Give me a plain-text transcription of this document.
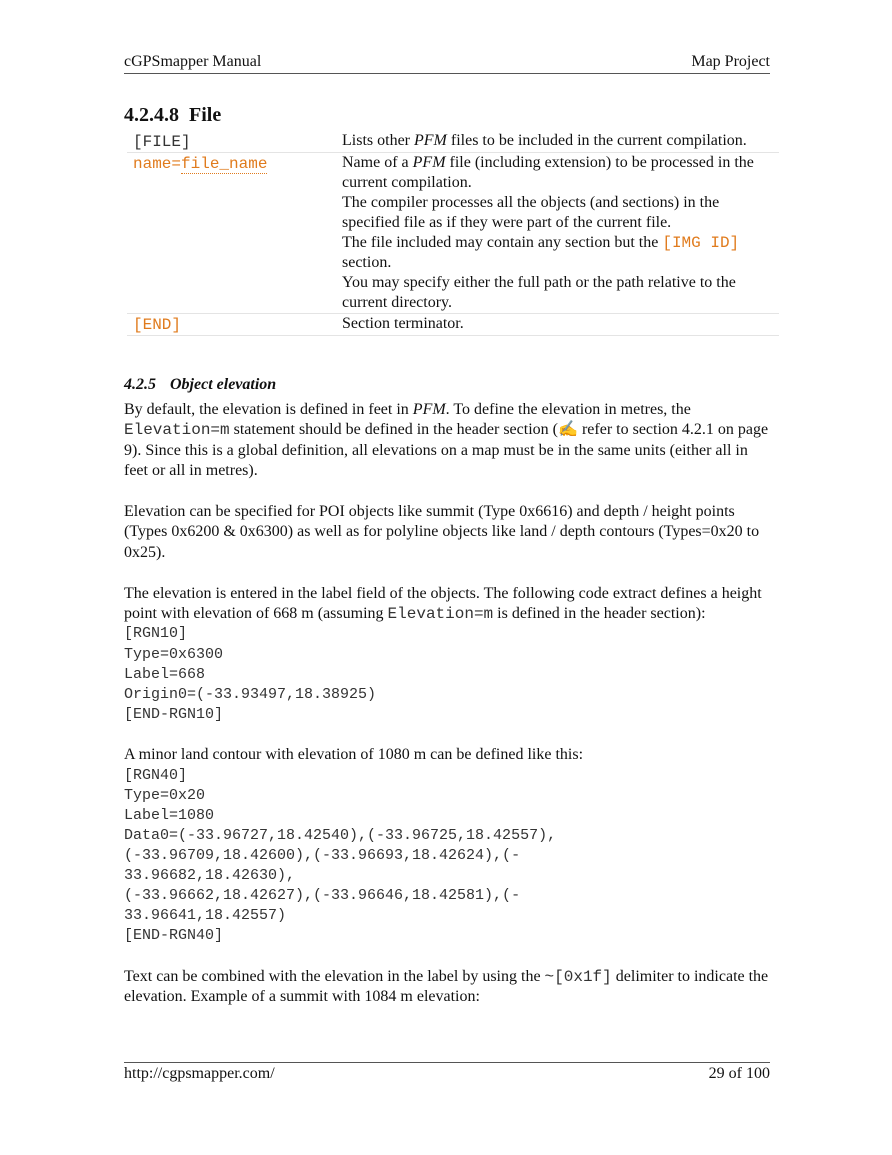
cGPSmapper Manual	Map Project
4.2.4.8 File
[FILE]	Lists other PFM files to be included in the current compilation.
name=file_name	Name of a PFM file (including extension) to be processed in the current compilation.
The compiler processes all the objects (and sections) in the specified file as if they were part of the current file.
The file included may contain any section but the [IMG ID] section.
You may specify either the full path or the path relative to the current directory.

[END]	Section terminator.
4.2.5 Object elevation

By default, the elevation is defined in feet in PFM. To define the elevation in metres, the Elevation=m statement should be defined in the header section (✍ refer to section 4.2.1 on page 9). Since this is a global definition, all elevations on a map must be in the same units (either all in feet or all in metres).

Elevation can be specified for POI objects like summit (Type 0x6616) and depth / height points (Types 0x6200 & 0x6300) as well as for polyline objects like land / depth contours (Types=0x20 to 0x25).

The elevation is entered in the label field of the objects. The following code extract defines a height point with elevation of 668 m (assuming Elevation=m is defined in the header section):

[RGN10]
Type=0x6300
Label=668
Origin0=(-33.93497,18.38925)
[END-RGN10]

A minor land contour with elevation of 1080 m can be defined like this:

[RGN40]
Type=0x20
Label=1080
Data0=(-33.96727,18.42540),(-33.96725,18.42557),
(-33.96709,18.42600),(-33.96693,18.42624),(-
33.96682,18.42630),
(-33.96662,18.42627),(-33.96646,18.42581),(-
33.96641,18.42557)
[END-RGN40]

Text can be combined with the elevation in the label by using the ~[0x1f] delimiter to indicate the elevation. Example of a summit with 1084 m elevation:

http://cgpsmapper.com/	29 of 100
